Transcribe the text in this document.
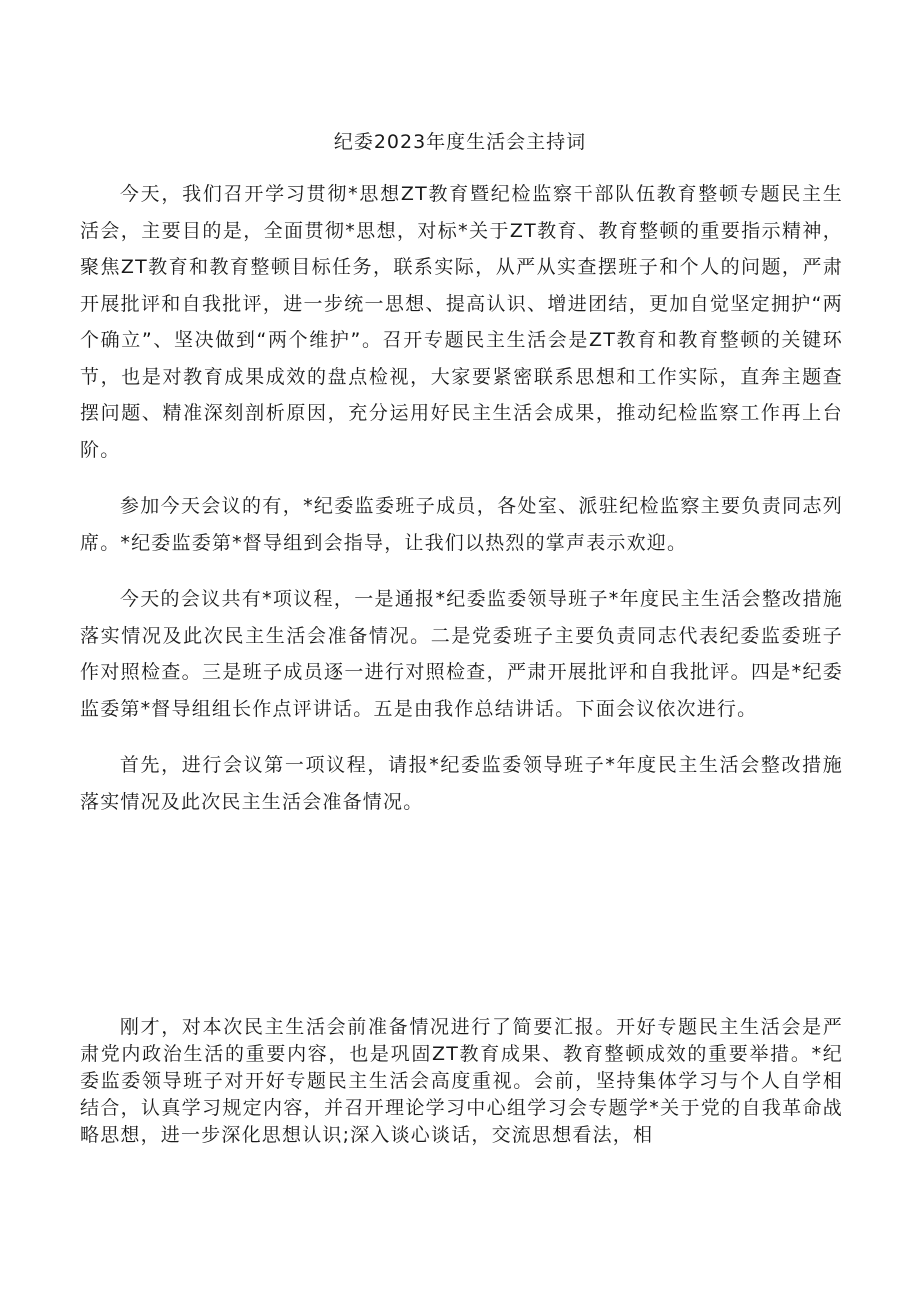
纪委2023年度生活会主持词

今天，我们召开学习贯彻*思想ZT教育暨纪检监察干部队伍教育整顿专题民主生活会，主要目的是，全面贯彻*思想，对标*关于ZT教育、教育整顿的重要指示精神，聚焦ZT教育和教育整顿目标任务，联系实际，从严从实查摆班子和个人的问题，严肃开展批评和自我批评，进一步统一思想、提高认识、增进团结，更加自觉坚定拥护“两个确立”、坚决做到“两个维护”。召开专题民主生活会是ZT教育和教育整顿的关键环节，也是对教育成果成效的盘点检视，大家要紧密联系思想和工作实际，直奔主题查摆问题、精准深刻剖析原因，充分运用好民主生活会成果，推动纪检监察工作再上台阶。

参加今天会议的有，*纪委监委班子成员，各处室、派驻纪检监察主要负责同志列席。*纪委监委第*督导组到会指导，让我们以热烈的掌声表示欢迎。

今天的会议共有*项议程，一是通报*纪委监委领导班子*年度民主生活会整改措施落实情况及此次民主生活会准备情况。二是党委班子主要负责同志代表纪委监委班子作对照检查。三是班子成员逐一进行对照检查，严肃开展批评和自我批评。四是*纪委监委第*督导组组长作点评讲话。五是由我作总结讲话。下面会议依次进行。

首先，进行会议第一项议程，请报*纪委监委领导班子*年度民主生活会整改措施落实情况及此次民主生活会准备情况。

刚才，对本次民主生活会前准备情况进行了简要汇报。开好专题民主生活会是严肃党内政治生活的重要内容，也是巩固ZT教育成果、教育整顿成效的重要举措。*纪委监委领导班子对开好专题民主生活会高度重视。会前，坚持集体学习与个人自学相结合，认真学习规定内容，并召开理论学习中心组学习会专题学*关于党的自我革命战略思想，进一步深化思想认识;深入谈心谈话，交流思想看法，相
